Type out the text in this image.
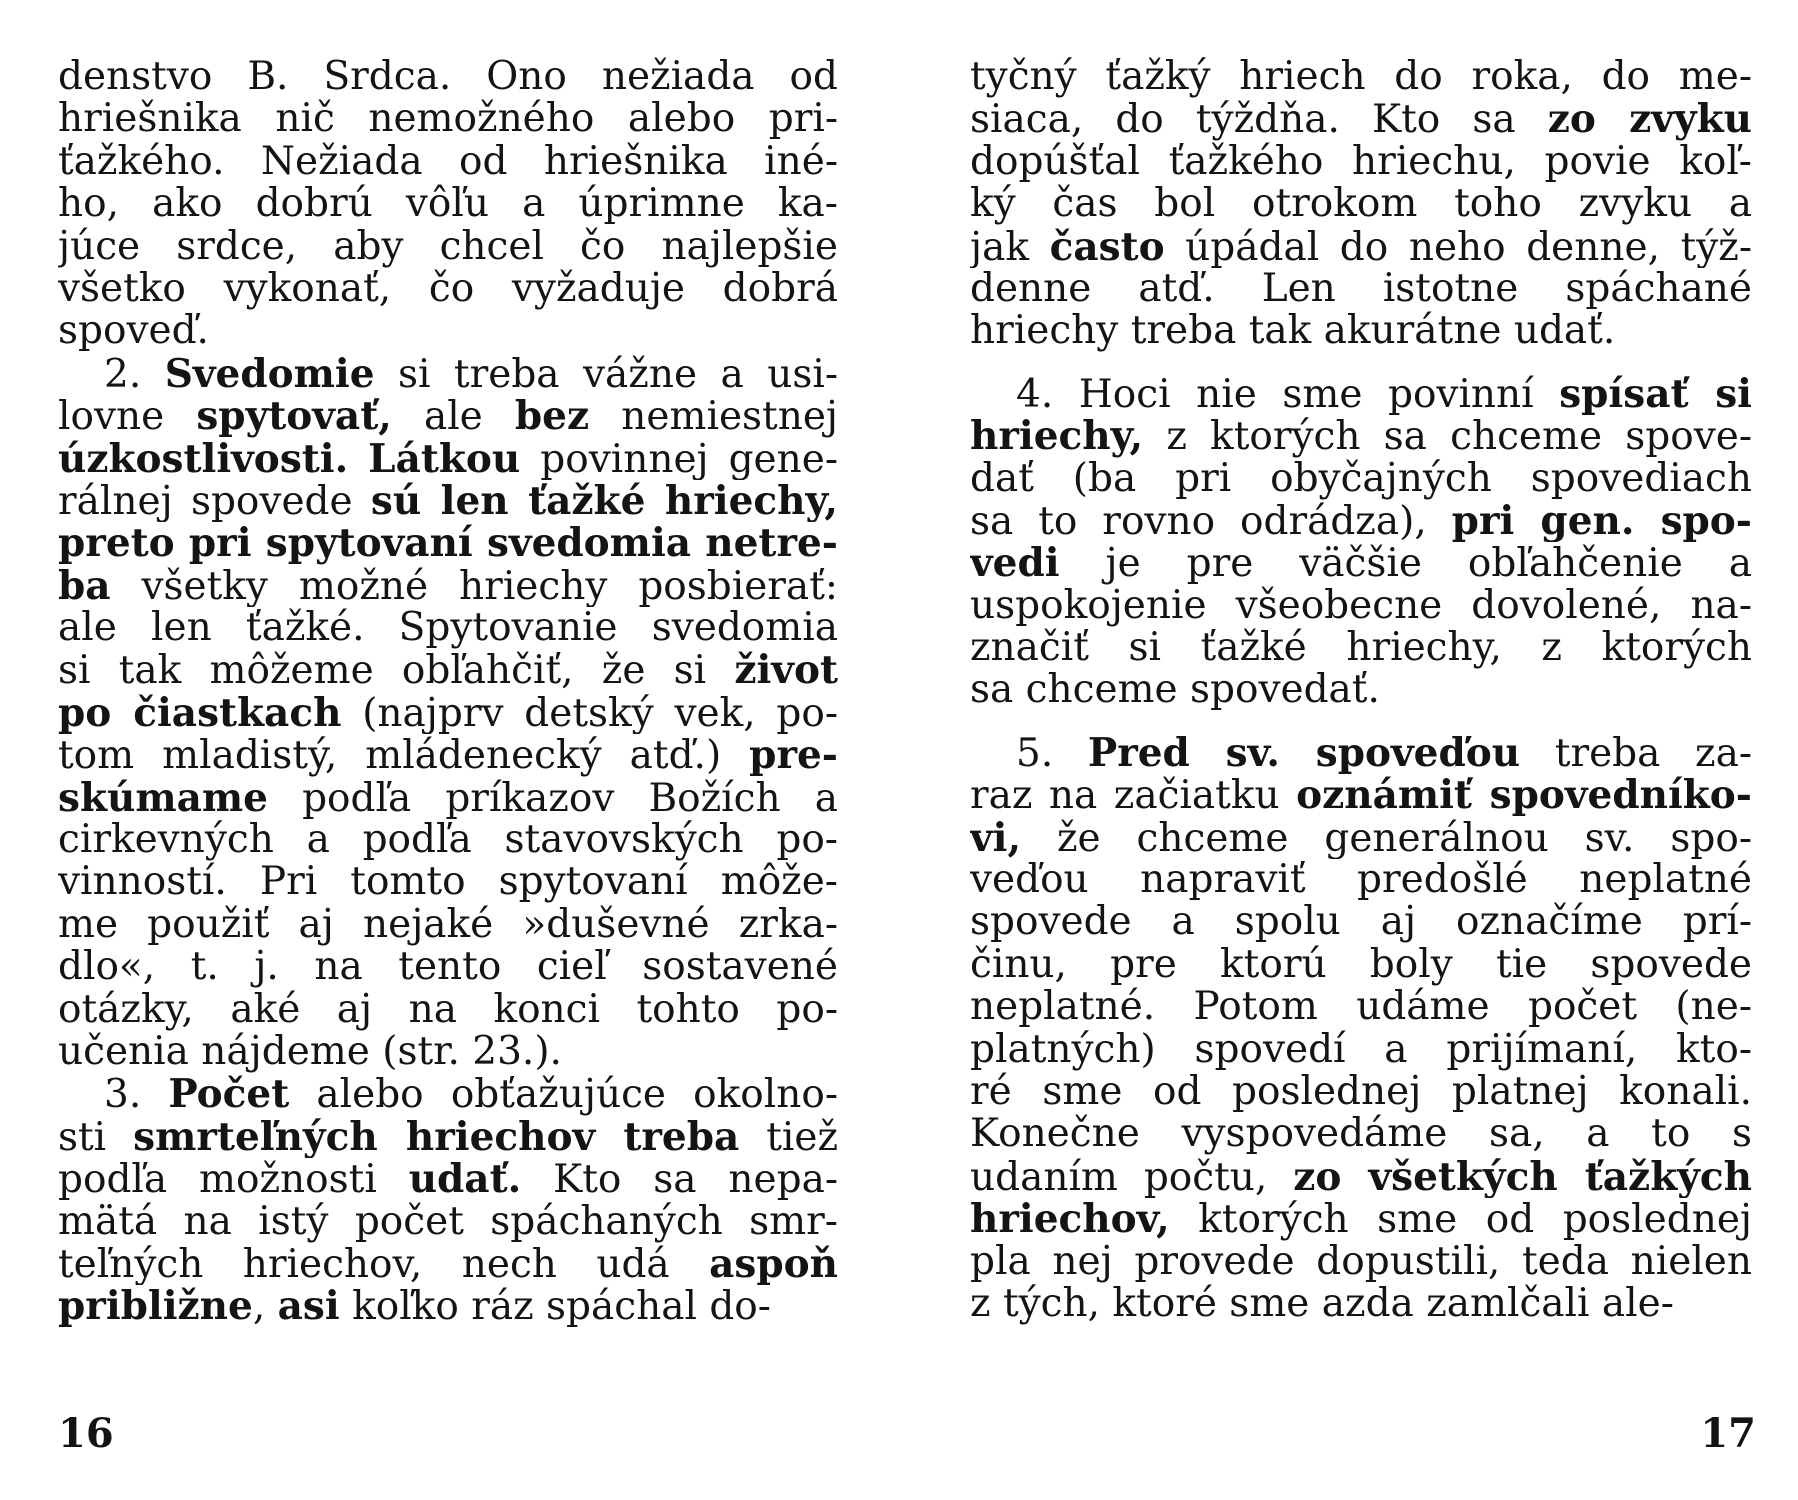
denstvo B. Srdca. Ono nežiada od
hriešnika nič nemožného alebo pri-
ťažkého. Nežiada od hriešnika iné-
ho, ako dobrú vôľu a úprimne ka-
júce srdce, aby chcel čo najlepšie
všetko vykonať, čo vyžaduje dobrá
spoveď.
2. Svedomie si treba vážne a usi-
lovne spytovať, ale bez nemiestnej
úzkostlivosti. Látkou povinnej gene-
rálnej spovede sú len ťažké hriechy,
preto pri spytovaní svedomia netre-
ba všetky možné hriechy posbierať:
ale len ťažké. Spytovanie svedomia
si tak môžeme obľahčiť, že si život
po čiastkach (najprv detský vek, po-
tom mladistý, mládenecký atď.) pre-
skúmame podľa príkazov Božích a
cirkevných a podľa stavovských po-
vinností. Pri tomto spytovaní môže-
me použiť aj nejaké »duševné zrka-
dlo«, t. j. na tento cieľ sostavené
otázky, aké aj na konci tohto po-
učenia nájdeme (str. 23.).
3. Počet alebo obťažujúce okolno-
sti smrteľných hriechov treba tiež
podľa možnosti udať. Kto sa nepa-
mätá na istý počet spáchaných smr-
teľných hriechov, nech udá aspoň
približne, asi koľko ráz spáchal do-
tyčný ťažký hriech do roka, do me-
siaca, do týždňa. Kto sa zo zvyku
dopúšťal ťažkého hriechu, povie koľ-
ký čas bol otrokom toho zvyku a
jak často úpádal do neho denne, týž-
denne atď. Len istotne spáchané
hriechy treba tak akurátne udať.
4. Hoci nie sme povinní spísať si
hriechy, z ktorých sa chceme spove-
dať (ba pri obyčajných spovediach
sa to rovno odrádza), pri gen. spo-
vedi je pre väčšie obľahčenie a
uspokojenie všeobecne dovolené, na-
značiť si ťažké hriechy, z ktorých
sa chceme spovedať.
5. Pred sv. spoveďou treba za-
raz na začiatku oznámiť spovedníko-
vi, že chceme generálnou sv. spo-
veďou napraviť predošlé neplatné
spovede a spolu aj označíme prí-
činu, pre ktorú boly tie spovede
neplatné. Potom udáme počet (ne-
platných) spovedí a prijímaní, kto-
ré sme od poslednej platnej konali.
Konečne vyspovedáme sa, a to s
udaním počtu, zo všetkých ťažkých
hriechov, ktorých sme od poslednej
pla nej provede dopustili, teda nielen
z tých, ktoré sme azda zamlčali ale-
16	17
